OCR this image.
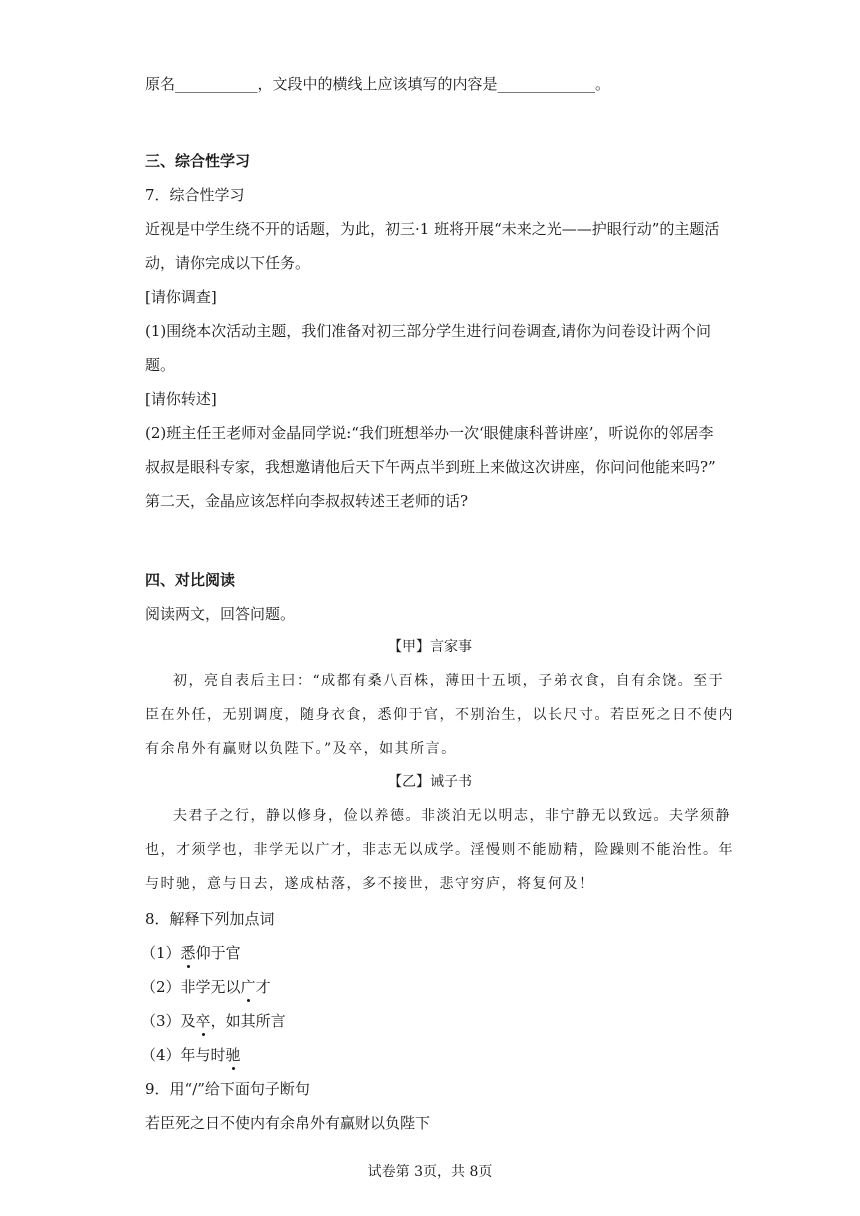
原名___________，文段中的横线上应该填写的内容是_____________。
三、综合性学习
7．综合性学习
近视是中学生绕不开的话题，为此，初三·1 班将开展“未来之光——护眼行动”的主题活
动，请你完成以下任务。
[请你调查]
(1)围绕本次活动主题，我们准备对初三部分学生进行问卷调查,请你为问卷设计两个问
题。
[请你转述]
(2)班主任王老师对金晶同学说:“我们班想举办一次‘眼健康科普讲座’，听说你的邻居李
叔叔是眼科专家，我想邀请他后天下午两点半到班上来做这次讲座，你问问他能来吗?”
第二天，金晶应该怎样向李叔叔转述王老师的话?
四、对比阅读
阅读两文，回答问题。
【甲】言家事
初，亮自表后主曰：“成都有桑八百株，薄田十五顷，子弟衣食，自有余饶。至于
臣在外任，无别调度，随身衣食，悉仰于官，不别治生，以长尺寸。若臣死之日不使内
有余帛外有赢财以负陛下。”及卒，如其所言。
【乙】诫子书
夫君子之行，静以修身，俭以养德。非淡泊无以明志，非宁静无以致远。夫学须静
也，才须学也，非学无以广才，非志无以成学。淫慢则不能励精，险躁则不能治性。年
与时驰，意与日去，遂成枯落，多不接世，悲守穷庐，将复何及！
8．解释下列加点词
（1）悉仰于官
（2）非学无以广才
（3）及卒，如其所言
（4）年与时驰
9．用“/”给下面句子断句
若臣死之日不使内有余帛外有赢财以负陛下
试卷第 3页，共 8页
